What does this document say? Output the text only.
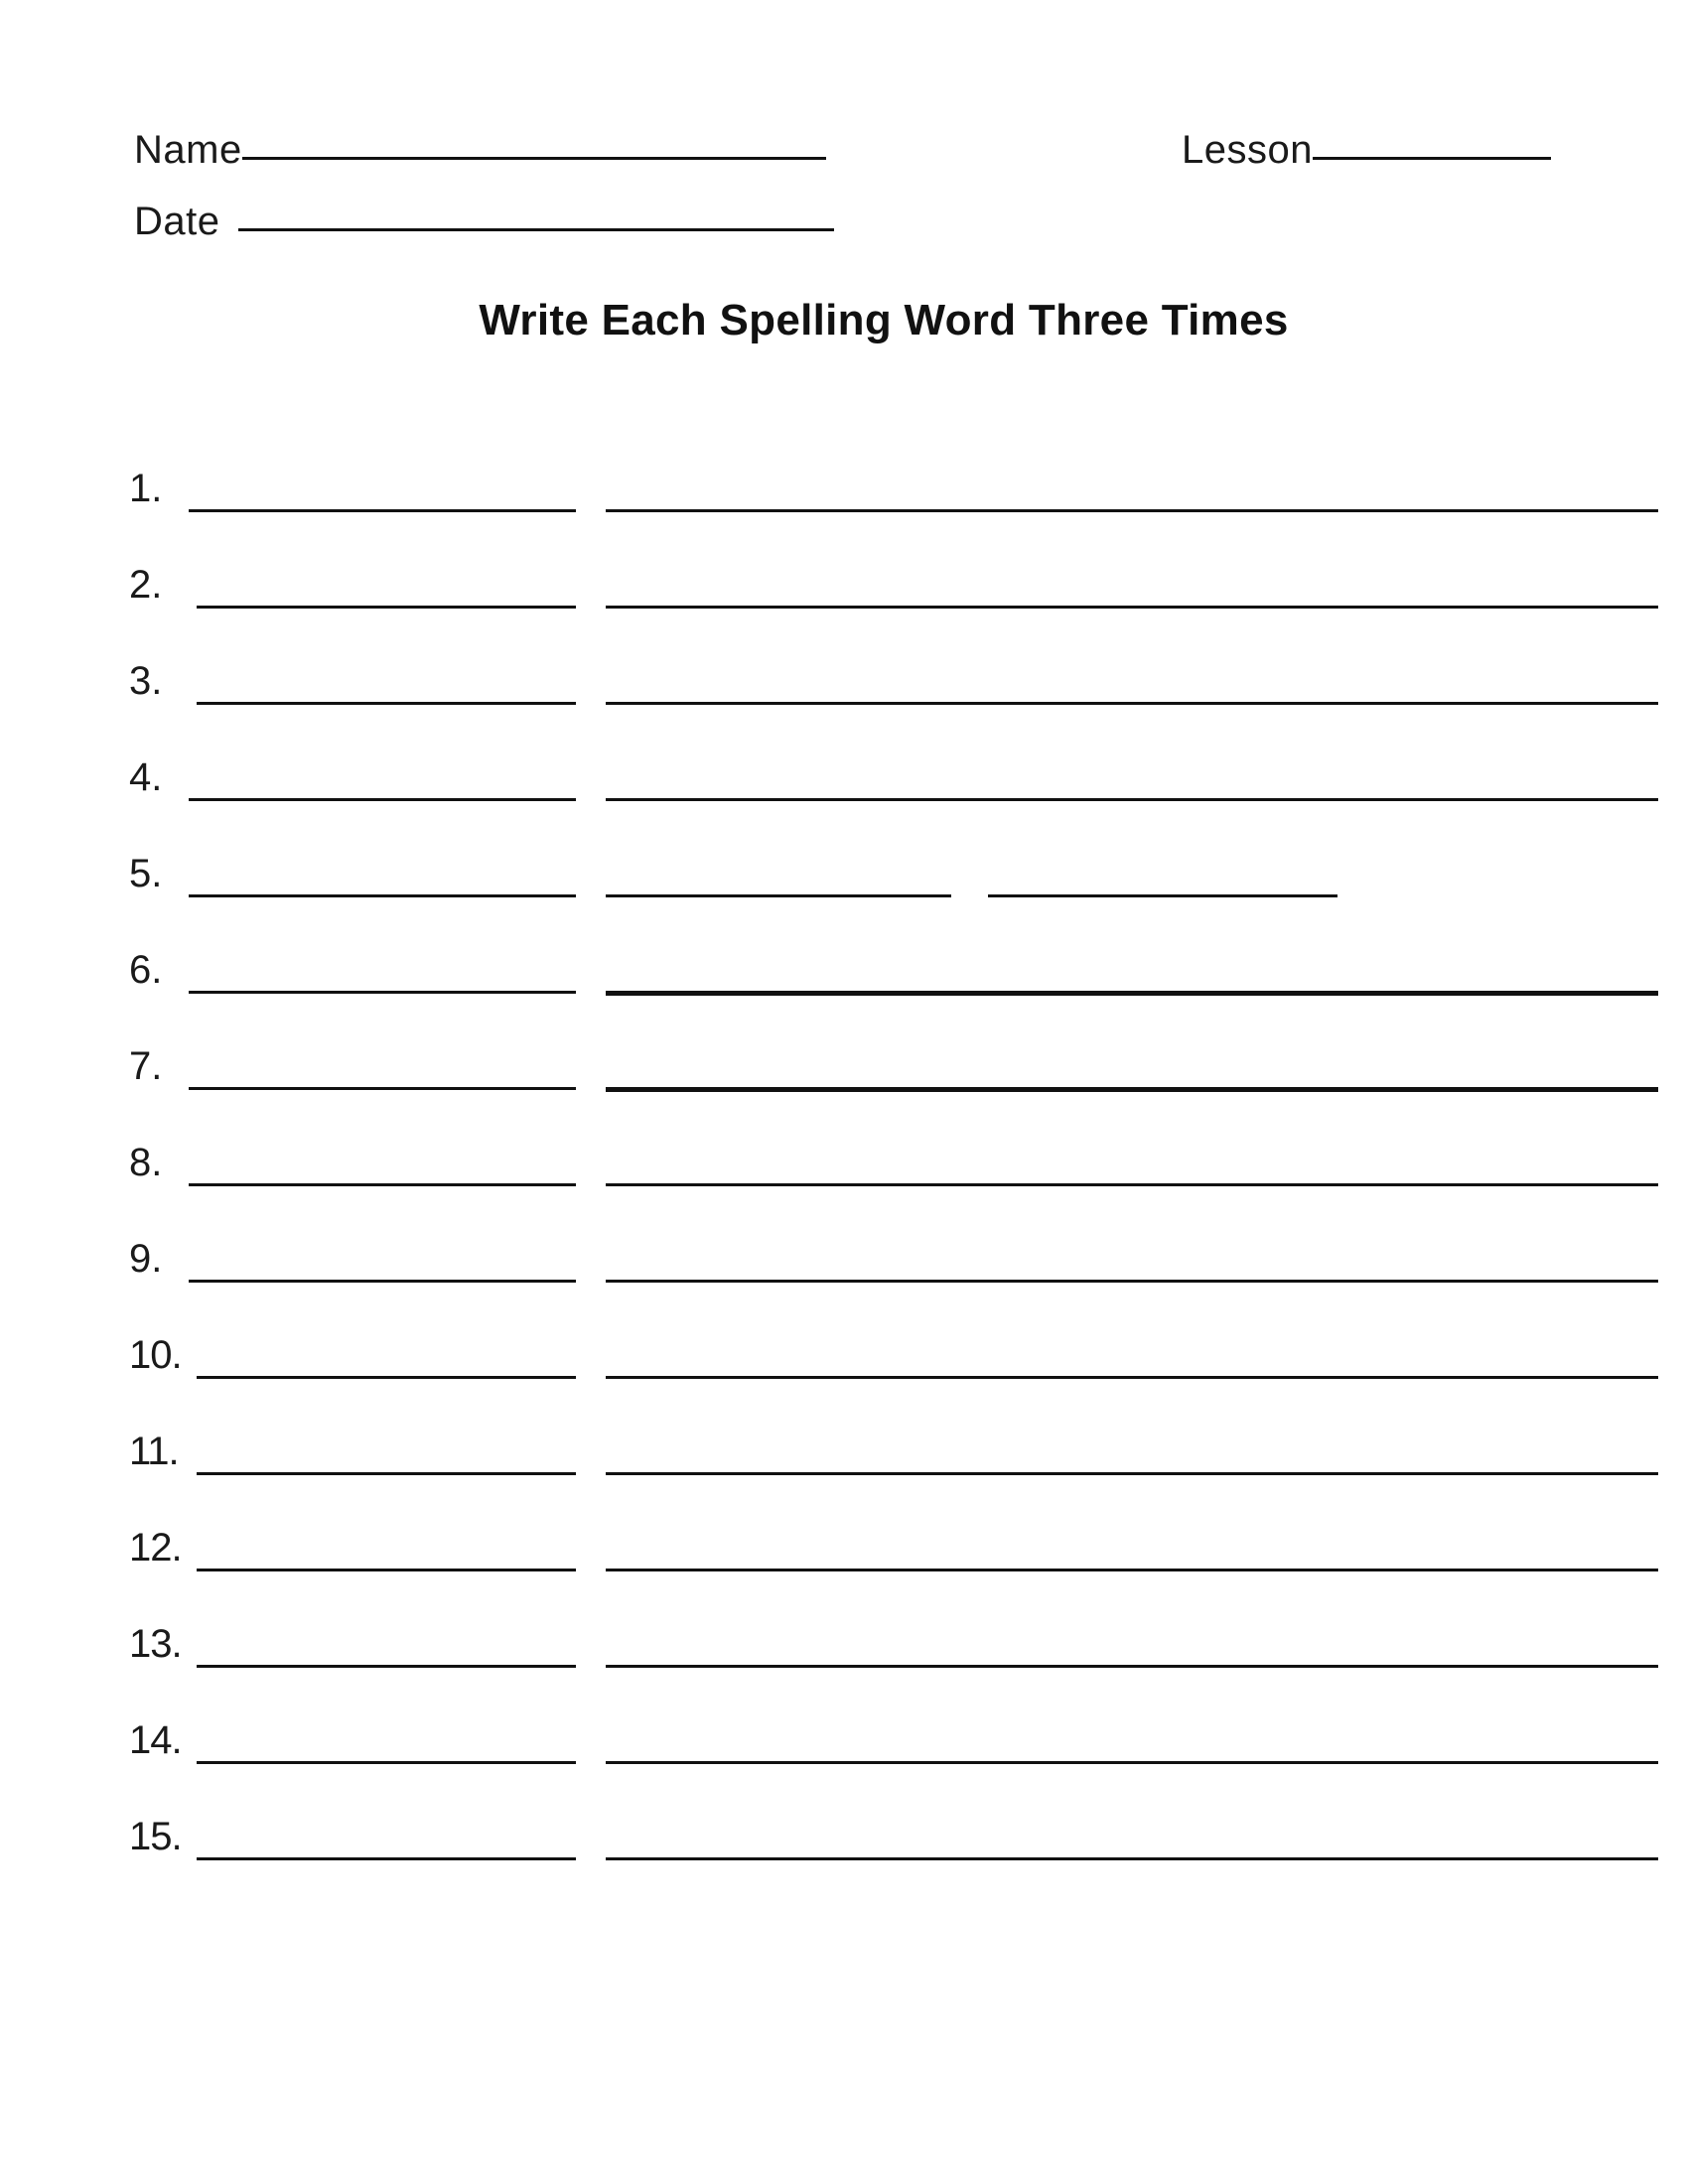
Name	Lesson
Date
Write Each Spelling Word Three Times
1.
2.
3.
4.
5.
6.
7.
8.
9.
10.
11.
12.
13.
14.
15.
